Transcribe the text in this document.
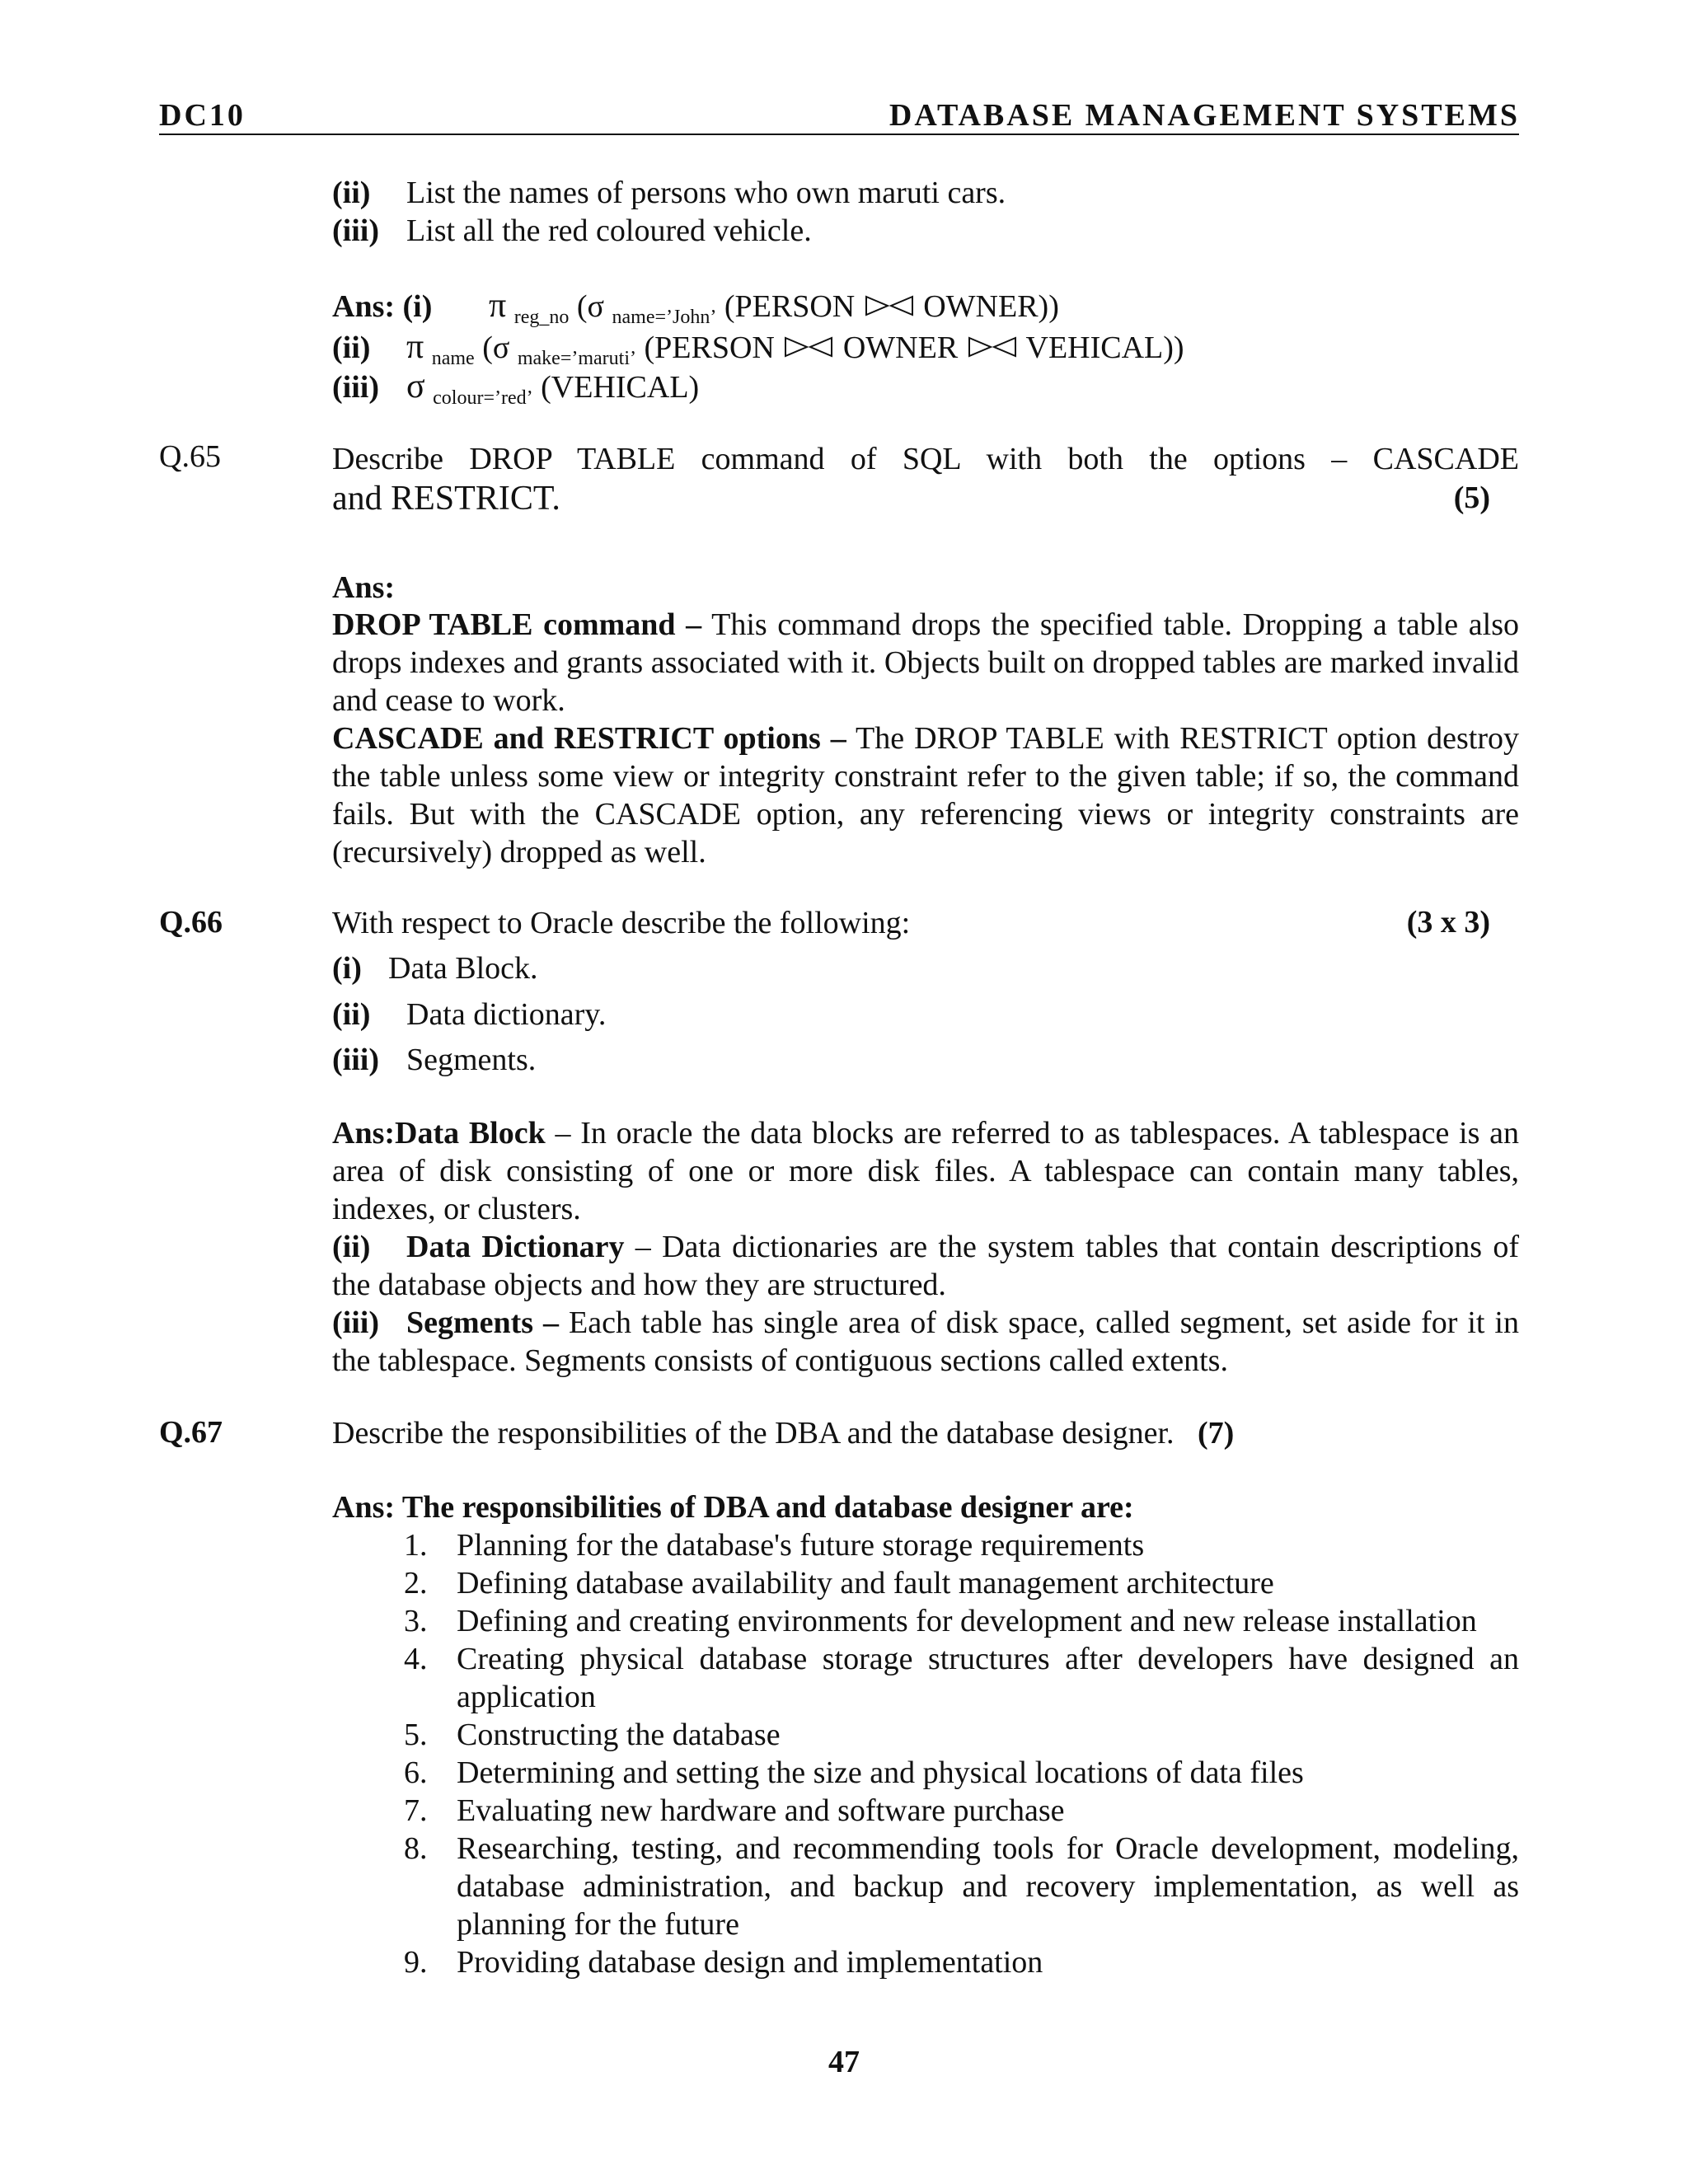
DC10	DATABASE MANAGEMENT SYSTEMS
(ii) List the names of persons who own maruti cars.
(iii) List all the red coloured vehicle.
Ans: (i) π $_{reg\_no}$ (σ $_{name=’John’}$ (PERSON OWNER))
(ii) π $_{name}$ (σ $_{make=’maruti’}$ (PERSON OWNER VEHICAL))
(iii) σ $_{colour=’red’}$ (VEHICAL)
Q.65	Describe DROP TABLE command of SQL with both the options – CASCADE
and RESTRICT.	(5)
Ans:
DROP TABLE command – This command drops the specified table. Dropping a table also drops indexes and grants associated with it. Objects built on dropped tables are marked invalid and cease to work.
CASCADE and RESTRICT options – The DROP TABLE with RESTRICT option destroy the table unless some view or integrity constraint refer to the given table; if so, the command fails. But with the CASCADE option, any referencing views or integrity constraints are (recursively) dropped as well.
Q.66	With respect to Oracle describe the following:	(3 x 3)
(i) Data Block.
(ii) Data dictionary.
(iii) Segments.
Ans:Data Block – In oracle the data blocks are referred to as tablespaces. A tablespace is an area of disk consisting of one or more disk files. A tablespace can contain many tables, indexes, or clusters.
(ii) Data Dictionary – Data dictionaries are the system tables that contain descriptions of the database objects and how they are structured.
(iii) Segments – Each table has single area of disk space, called segment, set aside for it in the tablespace. Segments consists of contiguous sections called extents.
Q.67	Describe the responsibilities of the DBA and the database designer. (7)
Ans: The responsibilities of DBA and database designer are:
1. Planning for the database's future storage requirements
2. Defining database availability and fault management architecture
3. Defining and creating environments for development and new release installation
4. Creating physical database storage structures after developers have designed an application
5. Constructing the database
6. Determining and setting the size and physical locations of data files
7. Evaluating new hardware and software purchase
8. Researching, testing, and recommending tools for Oracle development, modeling, database administration, and backup and recovery implementation, as well as planning for the future
9. Providing database design and implementation
47
